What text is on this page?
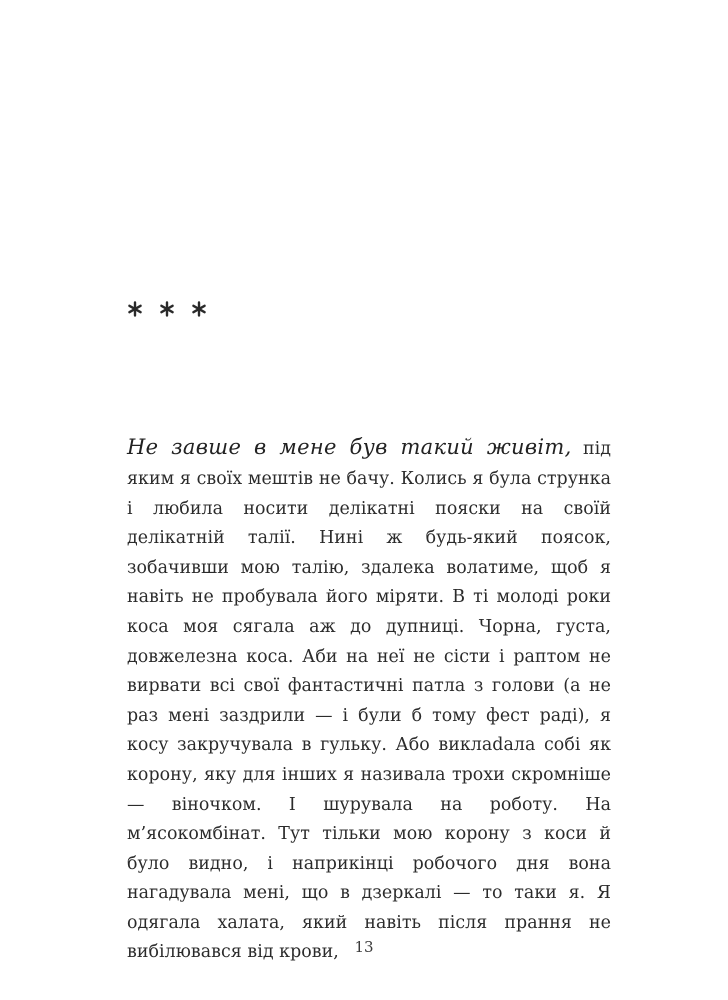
Не завше в мене був такий живіт, під яким я своїх мештів не бачу. Колись я була струнка і любила носити делікатні пояски на своїй делікатній талії. Нині ж будь-який поясок, зобачивши мою талію, здалека волатиме, щоб я навіть не пробувала його міряти. В ті молоді роки коса моя сягала аж до дупниці. Чорна, густа, довжелезна коса. Аби на неї не сісти і раптом не вирвати всі свої фантастичні патла з голови (а не раз мені заздрили — і були б тому фест раді), я косу закручувала в гульку. Або виклаdала собі як корону, яку для інших я називала трохи скромніше — віночком. І шурувала на роботу. На м’ясокомбінат. Тут тільки мою корону з коси й було видно, і наприкінці робочого дня вона нагадувала мені, що в дзеркалі — то таки я. Я одягала халата, який навіть після прання не вибілювався від крови,	13
